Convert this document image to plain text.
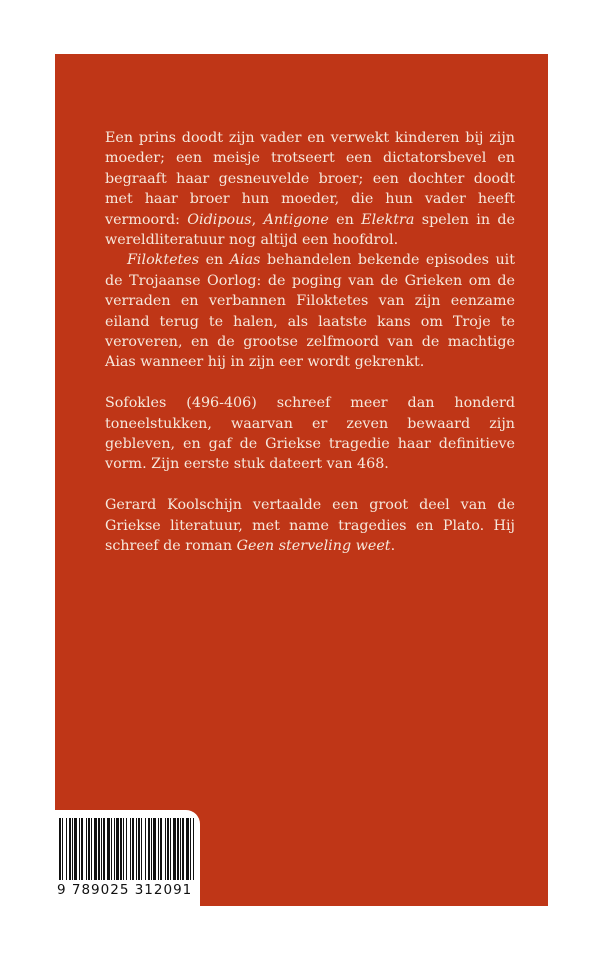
Een prins doodt zijn vader en verwekt kinderen bij zijn moeder; een meisje trotseert een dictatorsbevel en begraaft haar gesneuvelde broer; een dochter doodt met haar broer hun moeder, die hun vader heeft vermoord: Oidipous, Antigone en Elektra spelen in de wereldliteratuur nog altijd een hoofdrol.

Filoktetes en Aias behandelen bekende episodes uit de Trojaanse Oorlog: de poging van de Grieken om de verraden en verbannen Filoktetes van zijn eenzame eiland terug te halen, als laatste kans om Troje te veroveren, en de grootse zelfmoord van de machtige Aias wanneer hij in zijn eer wordt gekrenkt.

Sofokles (496-406) schreef meer dan honderd toneelstukken, waarvan er zeven bewaard zijn gebleven, en gaf de Griekse tragedie haar definitieve vorm. Zijn eerste stuk dateert van 468.

Gerard Koolschijn vertaalde een groot deel van de Griekse literatuur, met name tragedies en Plato. Hij schreef de roman Geen sterveling weet.

9 789025 312091
